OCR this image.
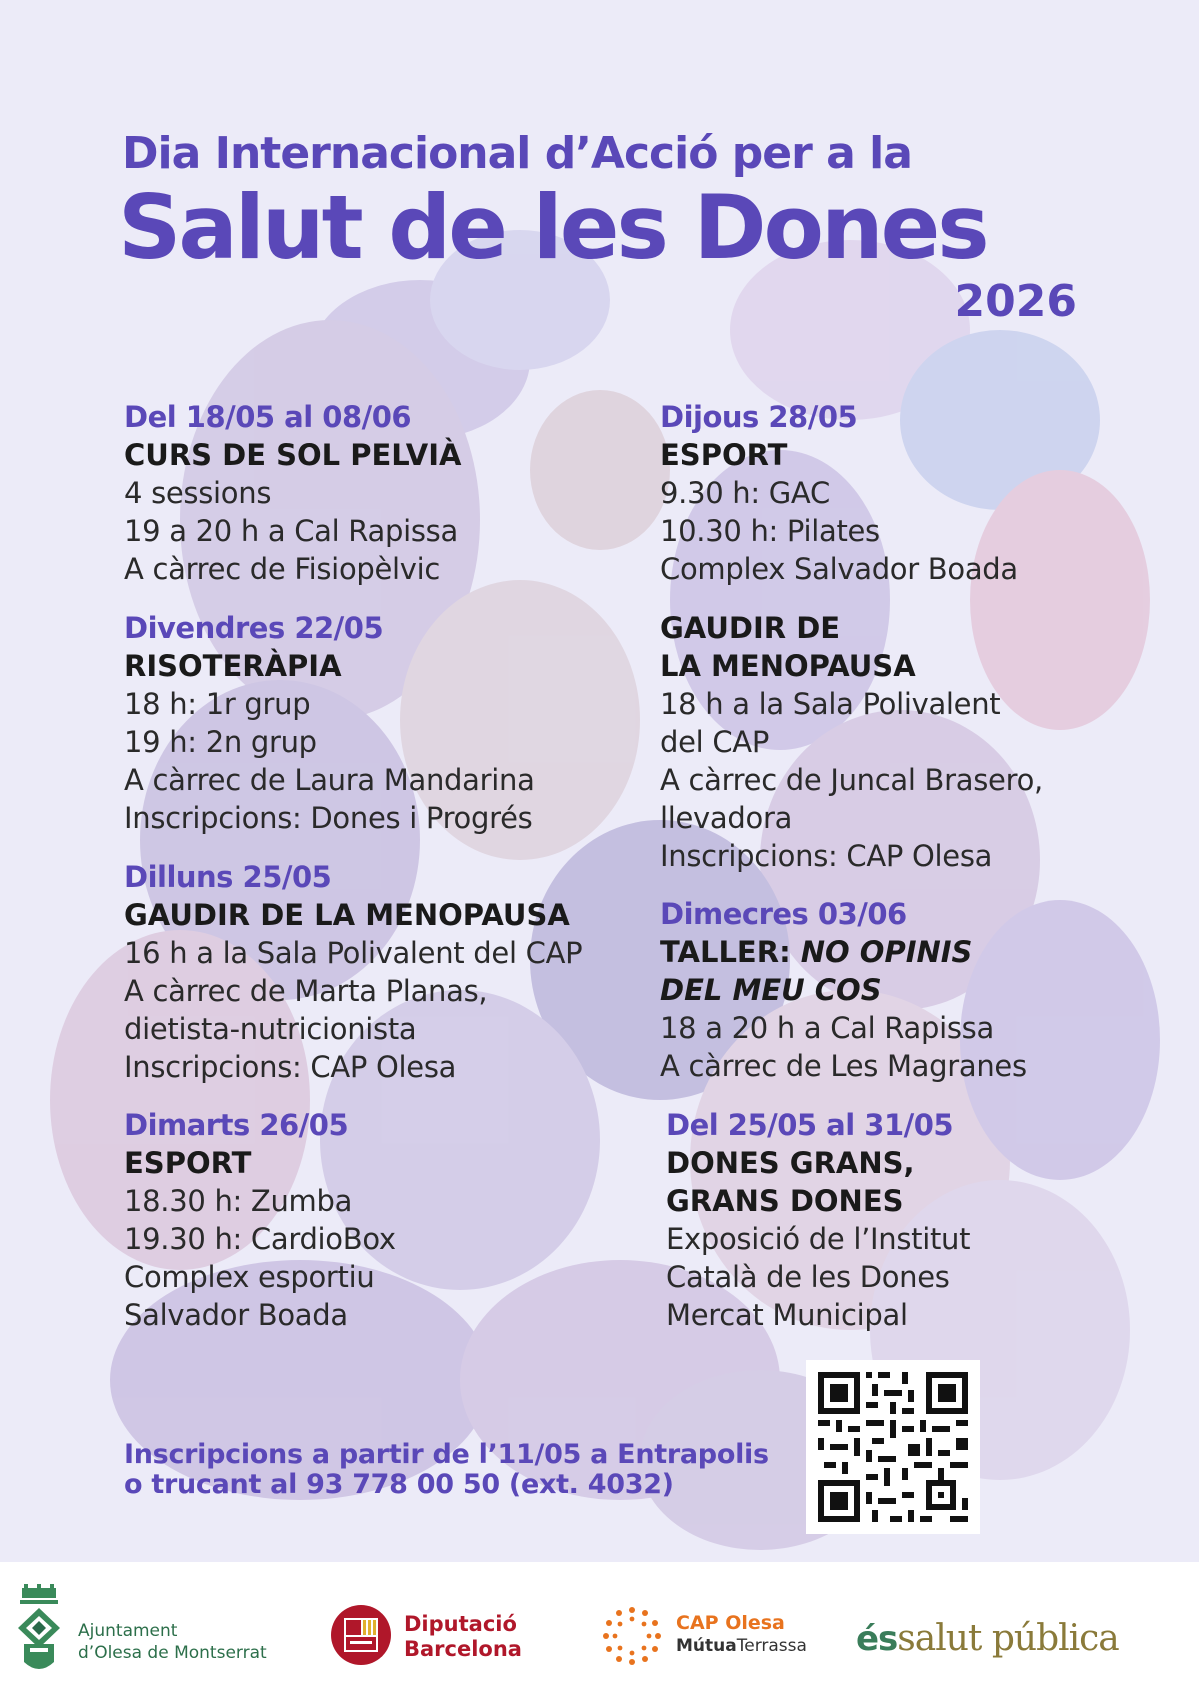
Dia Internacional d’Acció per a la
Salut de les Dones
2026
Del 18/05 al 08/06
CURS DE SOL PELVIÀ
4 sessions
19 a 20 h a Cal Rapissa
A càrrec de Fisiopèlvic
Divendres 22/05
RISOTERÀPIA
18 h: 1r grup
19 h: 2n grup
A càrrec de Laura Mandarina
Inscripcions: Dones i Progrés
Dilluns 25/05
GAUDIR DE LA MENOPAUSA
16 h a la Sala Polivalent del CAP
A càrrec de Marta Planas,
dietista-nutricionista
Inscripcions: CAP Olesa
Dimarts 26/05
ESPORT
18.30 h: Zumba
19.30 h: CardioBox
Complex esportiu
Salvador Boada
Dijous 28/05
ESPORT
9.30 h: GAC
10.30 h: Pilates
Complex Salvador Boada
GAUDIR DE
LA MENOPAUSA
18 h a la Sala Polivalent
del CAP
A càrrec de Juncal Brasero,
llevadora
Inscripcions: CAP Olesa
Dimecres 03/06
TALLER: NO OPINIS
DEL MEU COS
18 a 20 h a Cal Rapissa
A càrrec de Les Magranes
Del 25/05 al 31/05
DONES GRANS,
GRANS DONES
Exposició de l’Institut
Català de les Dones
Mercat Municipal
Inscripcions a partir de l’11/05 a Entrapolis
o trucant al 93 778 00 50 (ext. 4032)
Ajuntament
d’Olesa de Montserrat
Diputació
Barcelona
CAP Olesa
MútuaTerrassa éssalut pública
